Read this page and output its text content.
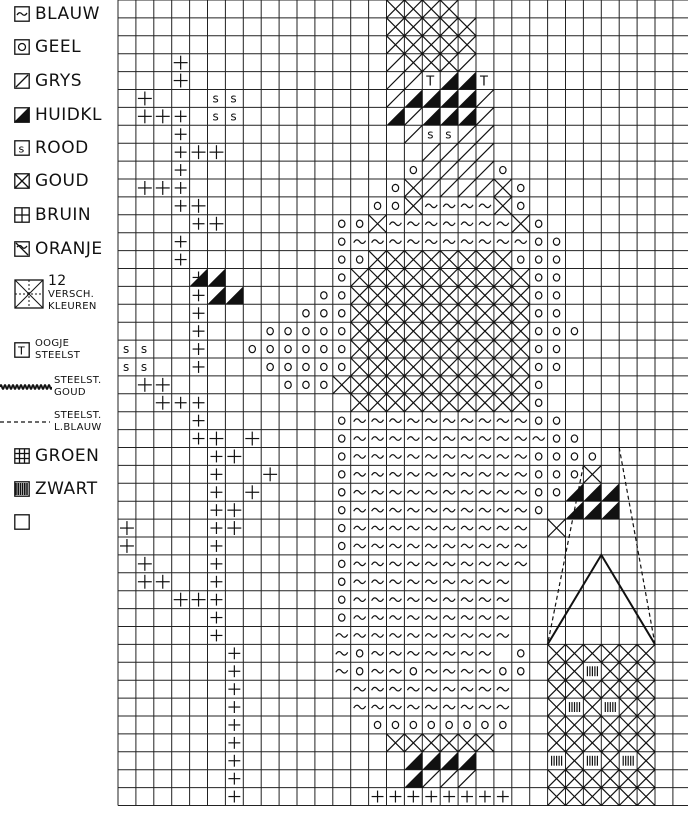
T	T
s s
s s
s s
s s
s s
BLAUW
GEEL
GRYS
HUIDKL
s ROOD
GOUD
BRUIN
ORANJE
12
VERSCH.
KLEUREN
T
OOGJE
STEELST
STEELST.
GOUD
STEELST.
L.BLAUW
GROEN
ZWART
